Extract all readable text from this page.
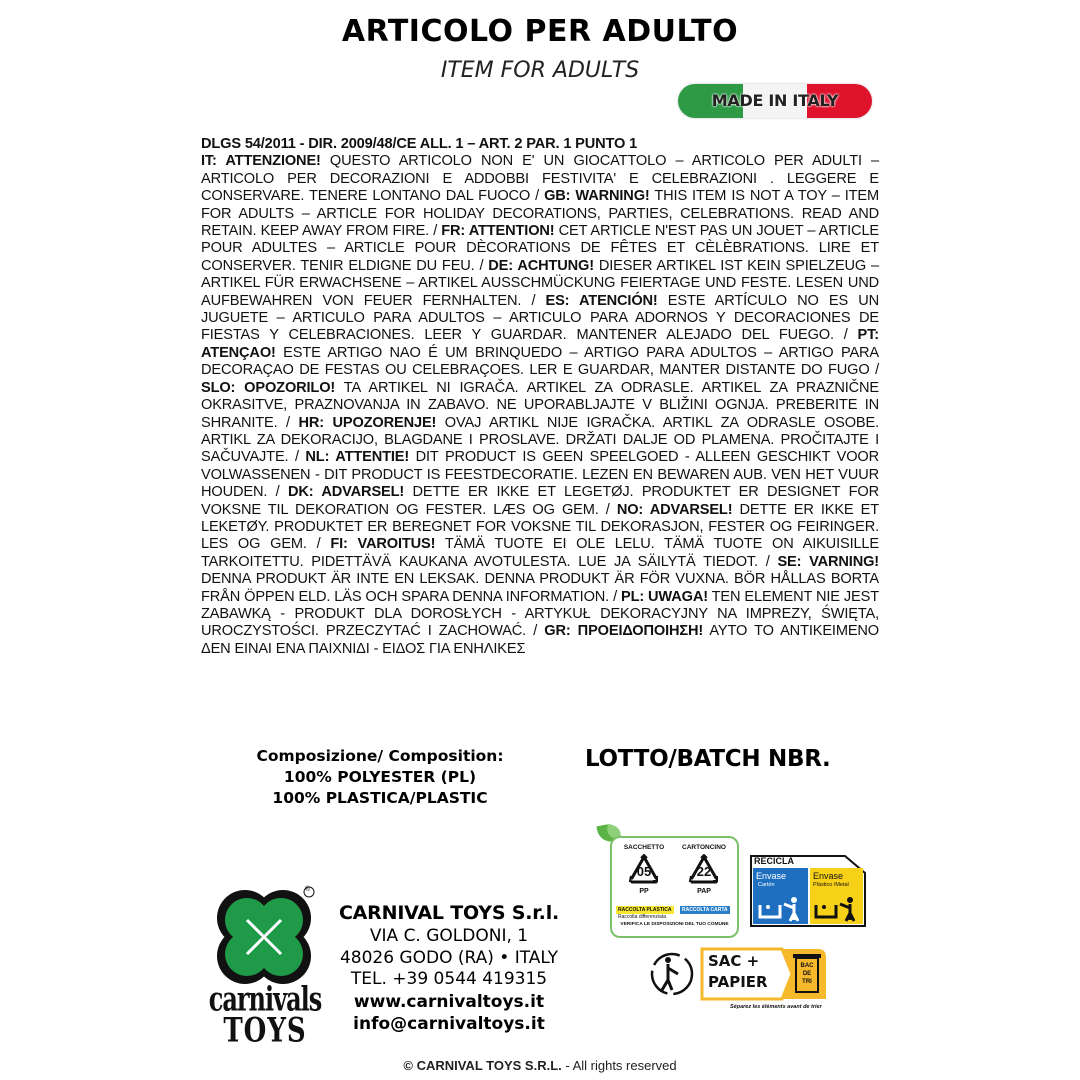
ARTICOLO PER ADULTO
ITEM FOR ADULTS
MADE IN ITALY
DLGS 54/2011 - DIR. 2009/48/CE ALL. 1 – ART. 2 PAR. 1 PUNTO 1
IT: ATTENZIONE! QUESTO ARTICOLO NON E' UN GIOCATTOLO – ARTICOLO PER ADULTI – ARTICOLO PER DECORAZIONI E ADDOBBI FESTIVITA' E CELEBRAZIONI . LEGGERE E CONSERVARE. TENERE LONTANO DAL FUOCO / GB: WARNING! THIS ITEM IS NOT A TOY – ITEM FOR ADULTS – ARTICLE FOR HOLIDAY DECORATIONS, PARTIES, CELEBRATIONS. READ AND RETAIN. KEEP AWAY FROM FIRE. / FR: ATTENTION! CET ARTICLE N'EST PAS UN JOUET – ARTICLE POUR ADULTES – ARTICLE POUR DÈCORATIONS DE FÊTES ET CÈLÈBRATIONS. LIRE ET CONSERVER. TENIR ELDIGNE DU FEU. / DE: ACHTUNG! DIESER ARTIKEL IST KEIN SPIELZEUG – ARTIKEL FÜR ERWACHSENE – ARTIKEL AUSSCHMÜCKUNG FEIERTAGE UND FESTE. LESEN UND AUFBEWAHREN VON FEUER FERNHALTEN. / ES: ATENCIÓN! ESTE ARTÍCULO NO ES UN JUGUETE – ARTICULO PARA ADULTOS – ARTICULO PARA ADORNOS Y DECORACIONES DE FIESTAS Y CELEBRACIONES. LEER Y GUARDAR. MANTENER ALEJADO DEL FUEGO. / PT: ATENÇAO! ESTE ARTIGO NAO É UM BRINQUEDO – ARTIGO PARA ADULTOS – ARTIGO PARA DECORAÇAO DE FESTAS OU CELEBRAÇOES. LER E GUARDAR, MANTER DISTANTE DO FUGO / SLO: OPOZORILO! TA ARTIKEL NI IGRAČA. ARTIKEL ZA ODRASLE. ARTIKEL ZA PRAZNIČNE OKRASITVE, PRAZNOVANJA IN ZABAVO. NE UPORABLJAJTE V BLIŽINI OGNJA. PREBERITE IN SHRANITE. / HR: UPOZORENJE! OVAJ ARTIKL NIJE IGRAČKA. ARTIKL ZA ODRASLE OSOBE. ARTIKL ZA DEKORACIJO, BLAGDANE I PROSLAVE. DRŽATI DALJE OD PLAMENA. PROČITAJTE I SAČUVAJTE. / NL: ATTENTIE! DIT PRODUCT IS GEEN SPEELGOED - ALLEEN GESCHIKT VOOR VOLWASSENEN - DIT PRODUCT IS FEESTDECORATIE. LEZEN EN BEWAREN AUB. VEN HET VUUR HOUDEN. / DK: ADVARSEL! DETTE ER IKKE ET LEGETØJ. PRODUKTET ER DESIGNET FOR VOKSNE TIL DEKORATION OG FESTER. LÆS OG GEM. / NO: ADVARSEL! DETTE ER IKKE ET LEKETØY. PRODUKTET ER BEREGNET FOR VOKSNE TIL DEKORASJON, FESTER OG FEIRINGER. LES OG GEM. / FI: VAROITUS! TÄMÄ TUOTE EI OLE LELU. TÄMÄ TUOTE ON AIKUISILLE TARKOITETTU. PIDETTÄVÄ KAUKANA AVOTULESTA. LUE JA SÄILYTÄ TIEDOT. / SE: VARNING! DENNA PRODUKT ÄR INTE EN LEKSAK. DENNA PRODUKT ÄR FÖR VUXNA. BÖR HÅLLAS BORTA FRÅN ÖPPEN ELD. LÄS OCH SPARA DENNA INFORMATION. / PL: UWAGA! TEN ELEMENT NIE JEST ZABAWKĄ - PRODUKT DLA DOROSŁYCH - ARTYKUŁ DEKORACYJNY NA IMPREZY, ŚWIĘTA, UROCZYSTOŚCI. PRZECZYTAĆ I ZACHOWAĆ. / GR: ΠΡΟΕΙΔΟΠΟΙΗΣΗ! ΑΥΤΟ ΤΟ ΑΝΤΙΚΕΙΜΕΝΟ ΔΕΝ ΕΙΝΑΙ ΕΝΑ ΠΑΙΧΝΙΔΙ - ΕΙΔΟΣ ΓΙΑ ΕΝΗΛΙΚΕΣ
Composizione/ Composition:
100% POLYESTER (PL)
100% PLASTICA/PLASTIC
LOTTO/BATCH NBR.
SACCHETTO
05
PP
CARTONCINO
22
PAP
RACCOLTA PLASTICA
Raccolta differenziata
RACCOLTA CARTA
VERIFICA LE DISPOSIZIONI DEL TUO COMUNE
RECICLA
Envase
Cartón
Envase
Plástico /Metal
SAC +
PAPIER
BAC DE TRI
Séparez les éléments avant de trier
®
carnivals
TOYS
CARNIVAL TOYS S.r.l.
VIA C. GOLDONI, 1
48026 GODO (RA) • ITALY
TEL. +39 0544 419315
www.carnivaltoys.it
info@carnivaltoys.it
© CARNIVAL TOYS S.R.L. - All rights reserved
